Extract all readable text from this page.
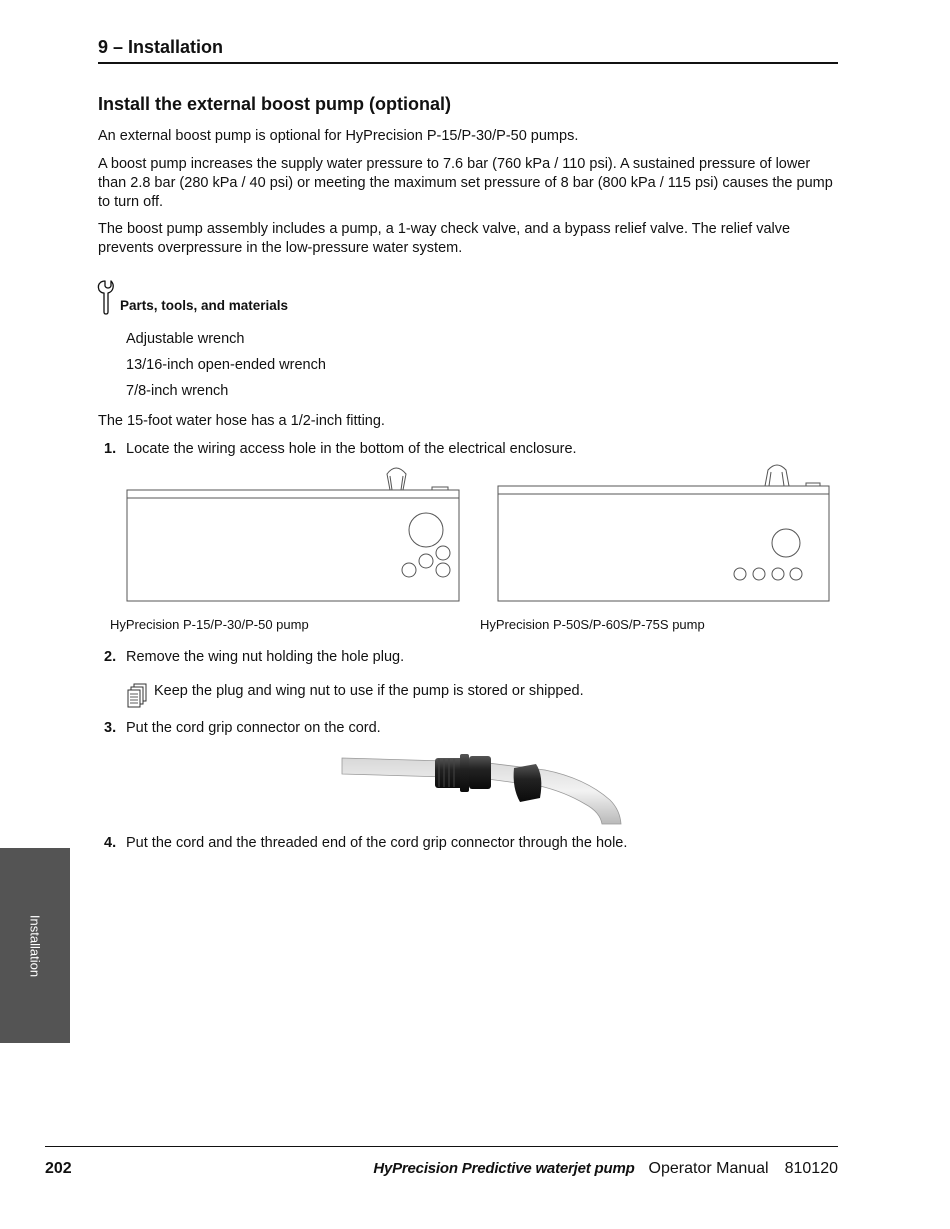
9 – Installation
Install the external boost pump (optional)
An external boost pump is optional for HyPrecision P-15/P-30/P-50 pumps.
A boost pump increases the supply water pressure to 7.6 bar (760 kPa / 110 psi). A sustained pressure of lower than 2.8 bar (280 kPa / 40 psi) or meeting the maximum set pressure of 8 bar (800 kPa / 115 psi) causes the pump to turn off.
The boost pump assembly includes a pump, a 1-way check valve, and a bypass relief valve. The relief valve prevents overpressure in the low-pressure water system.
Parts, tools, and materials
Adjustable wrench
13/16-inch open-ended wrench
7/8-inch wrench
The 15-foot water hose has a 1/2-inch fitting.
1. Locate the wiring access hole in the bottom of the electrical enclosure.
HyPrecision P-15/P-30/P-50 pump	HyPrecision P-50S/P-60S/P-75S pump
2. Remove the wing nut holding the hole plug.
Keep the plug and wing nut to use if the pump is stored or shipped.
3. Put the cord grip connector on the cord.
4. Put the cord and the threaded end of the cord grip connector through the hole.
Installation
202	HyPrecision Predictive waterjet pump Operator Manual 810120
